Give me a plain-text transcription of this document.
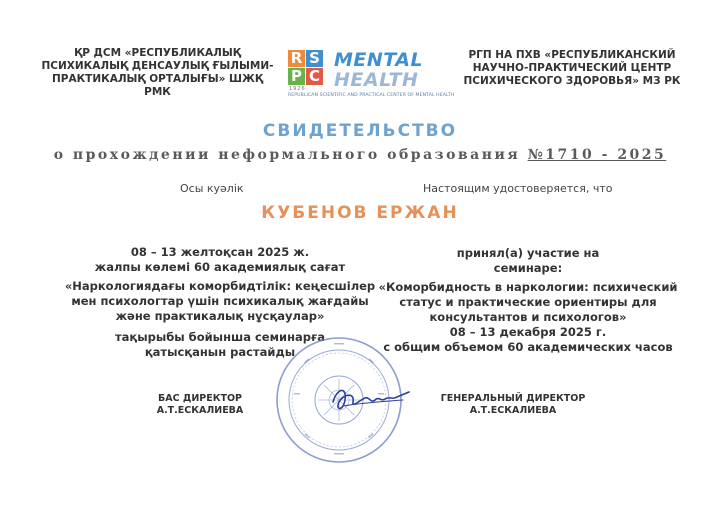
ҚР ДСМ «РЕСПУБЛИКАЛЫҚ
ПСИХИКАЛЫҚ ДЕНСАУЛЫҚ ҒЫЛЫМИ-
ПРАКТИКАЛЫҚ ОРТАЛЫҒЫ» ШЖҚ РМК
R S
P C
1926
MENTAL
HEALTH
REPUBLICAN SCIENTIFIC AND PRACTICAL CENTER OF MENTAL HEALTH
РГП НА ПХВ «РЕСПУБЛИКАНСКИЙ
НАУЧНО-ПРАКТИЧЕСКИЙ ЦЕНТР
ПСИХИЧЕСКОГО ЗДОРОВЬЯ» МЗ РК
СВИДЕТЕЛЬСТВО
о прохождении неформального образования №1710 - 2025
Осы куәлік	Настоящим удостоверяется, что
КУБЕНОВ ЕРЖАН
08 – 13 желтоқсан 2025 ж.
жалпы көлемі 60 академиялық сағат
«Наркологиядағы коморбидтілік: кеңесшілер
мен психологтар үшін психикалық жағдайы
және практикалық нұсқаулар»
тақырыбы бойынша семинарға
қатысқанын растайды
принял(а) участие на
семинаре:
«Коморбидность в наркологии: психический
статус и практические ориентиры для
консультантов и психологов»
08 – 13 декабря 2025 г.
с общим объемом 60 академических часов
БАС ДИРЕКТОР
А.Т.ЕСКАЛИЕВА
ГЕНЕРАЛЬНЫЙ ДИРЕКТОР
А.Т.ЕСКАЛИЕВА
